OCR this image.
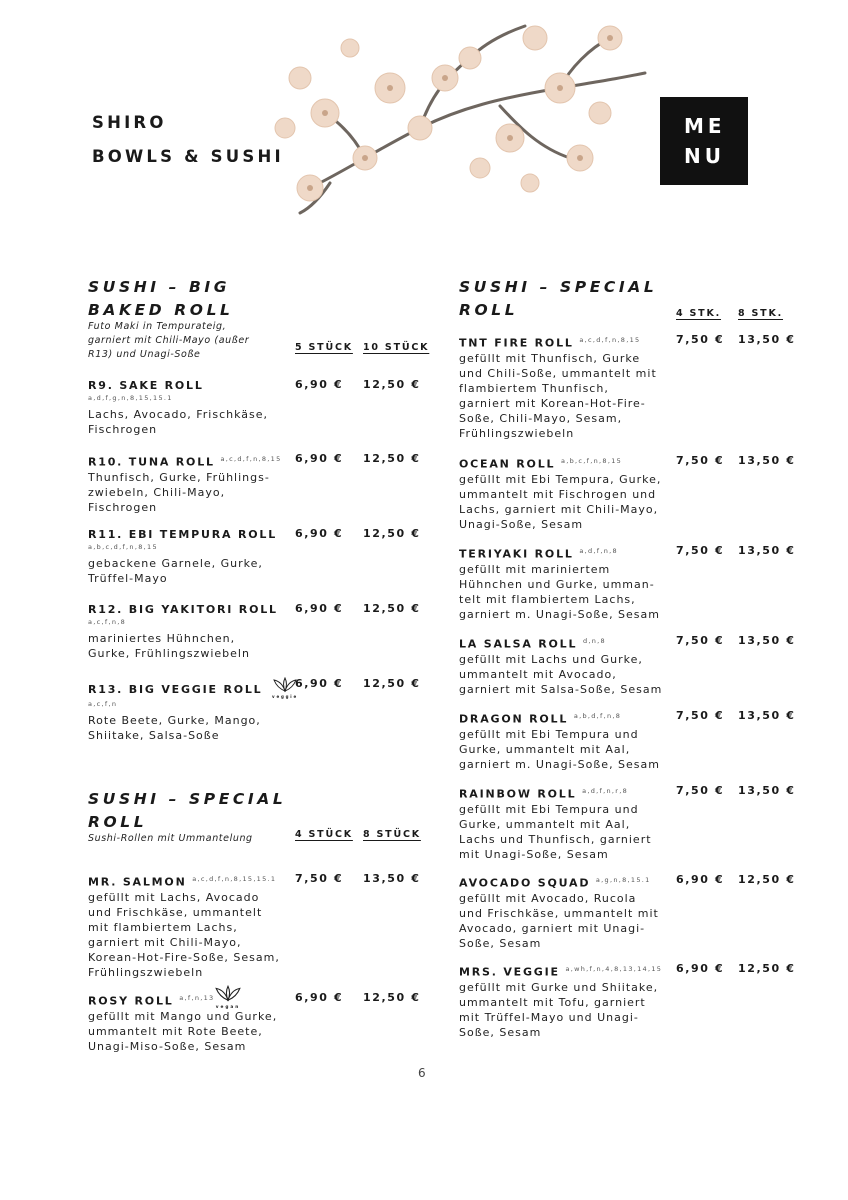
SHIRO
BOWLS & SUSHI
ME
NU
SUSHI – BIG
BAKED ROLL
Futo Maki in Tempurateig,
garniert mit Chili-Mayo (außer
R13) und Unagi-Soße
5 STÜCK 10 STÜCK
R9. SAKE ROLL
a,d,f,g,n,8,15,15.1
Lachs, Avocado, Frischkäse,
Fischrogen
6,90 € 12,50 €
R10. TUNA ROLL $^{a,c,d,f,n,8,15}$
Thunfisch, Gurke, Frühlings-
zwiebeln, Chili-Mayo,
Fischrogen
6,90 € 12,50 €
R11. EBI TEMPURA ROLL
a,b,c,d,f,n,8,15
gebackene Garnele, Gurke,
Trüffel-Mayo
6,90 € 12,50 €
R12. BIG YAKITORI ROLL
a,c,f,n,8
mariniertes Hühnchen,
Gurke, Frühlingszwiebeln
6,90 € 12,50 €
R13. BIG VEGGIE ROLL
veggie
a,c,f,n
Rote Beete, Gurke, Mango,
Shiitake, Salsa-Soße
6,90 € 12,50 €
SUSHI – SPECIAL
ROLL
Sushi-Rollen mit Ummantelung	4 STÜCK 8 STÜCK
MR. SALMON $^{a,c,d,f,n,8,15,15.1}$
gefüllt mit Lachs, Avocado
und Frischkäse, ummantelt
mit flambiertem Lachs,
garniert mit Chili-Mayo,
Korean-Hot-Fire-Soße, Sesam,
Frühlingszwiebeln
7,50 € 13,50 €
ROSY ROLL $^{a,f,n,13}$
vegan
gefüllt mit Mango und Gurke,
ummantelt mit Rote Beete,
Unagi-Miso-Soße, Sesam
6,90 € 12,50 €
SUSHI – SPECIAL
ROLL	4 STK. 8 STK.
TNT FIRE ROLL $^{a,c,d,f,n,8,15}$
gefüllt mit Thunfisch, Gurke
und Chili-Soße, ummantelt mit
flambiertem Thunfisch,
garniert mit Korean-Hot-Fire-
Soße, Chili-Mayo, Sesam,
Frühlingszwiebeln
7,50 € 13,50 €
OCEAN ROLL $^{a,b,c,f,n,8,15}$
gefüllt mit Ebi Tempura, Gurke,
ummantelt mit Fischrogen und
Lachs, garniert mit Chili-Mayo,
Unagi-Soße, Sesam
7,50 € 13,50 €
TERIYAKI ROLL $^{a,d,f,n,8}$
gefüllt mit mariniertem
Hühnchen und Gurke, umman-
telt mit flambiertem Lachs,
garniert m. Unagi-Soße, Sesam
7,50 € 13,50 €
LA SALSA ROLL $^{d,n,8}$
gefüllt mit Lachs und Gurke,
ummantelt mit Avocado,
garniert mit Salsa-Soße, Sesam
7,50 € 13,50 €
DRAGON ROLL $^{a,b,d,f,n,8}$
gefüllt mit Ebi Tempura und
Gurke, ummantelt mit Aal,
garniert m. Unagi-Soße, Sesam
7,50 € 13,50 €
RAINBOW ROLL $^{a,d,f,n,r,8}$
gefüllt mit Ebi Tempura und
Gurke, ummantelt mit Aal,
Lachs und Thunfisch, garniert
mit Unagi-Soße, Sesam
7,50 € 13,50 €
AVOCADO SQUAD $^{a,g,n,8,15.1}$
gefüllt mit Avocado, Rucola
und Frischkäse, ummantelt mit
Avocado, garniert mit Unagi-
Soße, Sesam
6,90 € 12,50 €
MRS. VEGGIE $^{a,wh,f,n,4,8,13,14,15}$
gefüllt mit Gurke und Shiitake,
ummantelt mit Tofu, garniert
mit Trüffel-Mayo und Unagi-
Soße, Sesam
6,90 € 12,50 €
6
